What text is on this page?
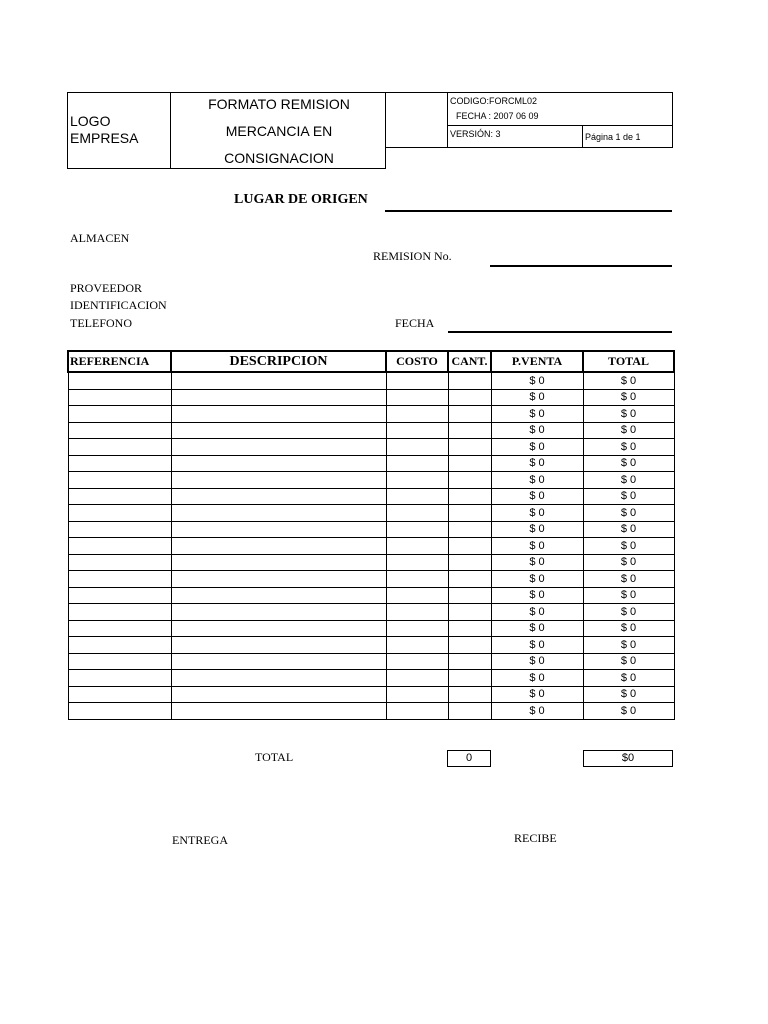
LOGO
EMPRESA
FORMATO REMISION
MERCANCIA EN
CONSIGNACION
CODIGO:FORCML02
FECHA : 2007 06 09
VERSIÓN: 3	Página 1 de 1
LUGAR DE ORIGEN
ALMACEN
REMISION No.
PROVEEDOR
IDENTIFICACION
TELEFONO	FECHA
REFERENCIA	DESCRIPCION	COSTO	CANT.	P.VENTA	TOTAL
				$ 0	$ 0
				$ 0	$ 0
				$ 0	$ 0
				$ 0	$ 0
				$ 0	$ 0
				$ 0	$ 0
				$ 0	$ 0
				$ 0	$ 0
				$ 0	$ 0
				$ 0	$ 0
				$ 0	$ 0
				$ 0	$ 0
				$ 0	$ 0
				$ 0	$ 0
				$ 0	$ 0
				$ 0	$ 0
				$ 0	$ 0
				$ 0	$ 0
				$ 0	$ 0
				$ 0	$ 0
				$ 0	$ 0
TOTAL	0	$0
ENTREGA	RECIBE
